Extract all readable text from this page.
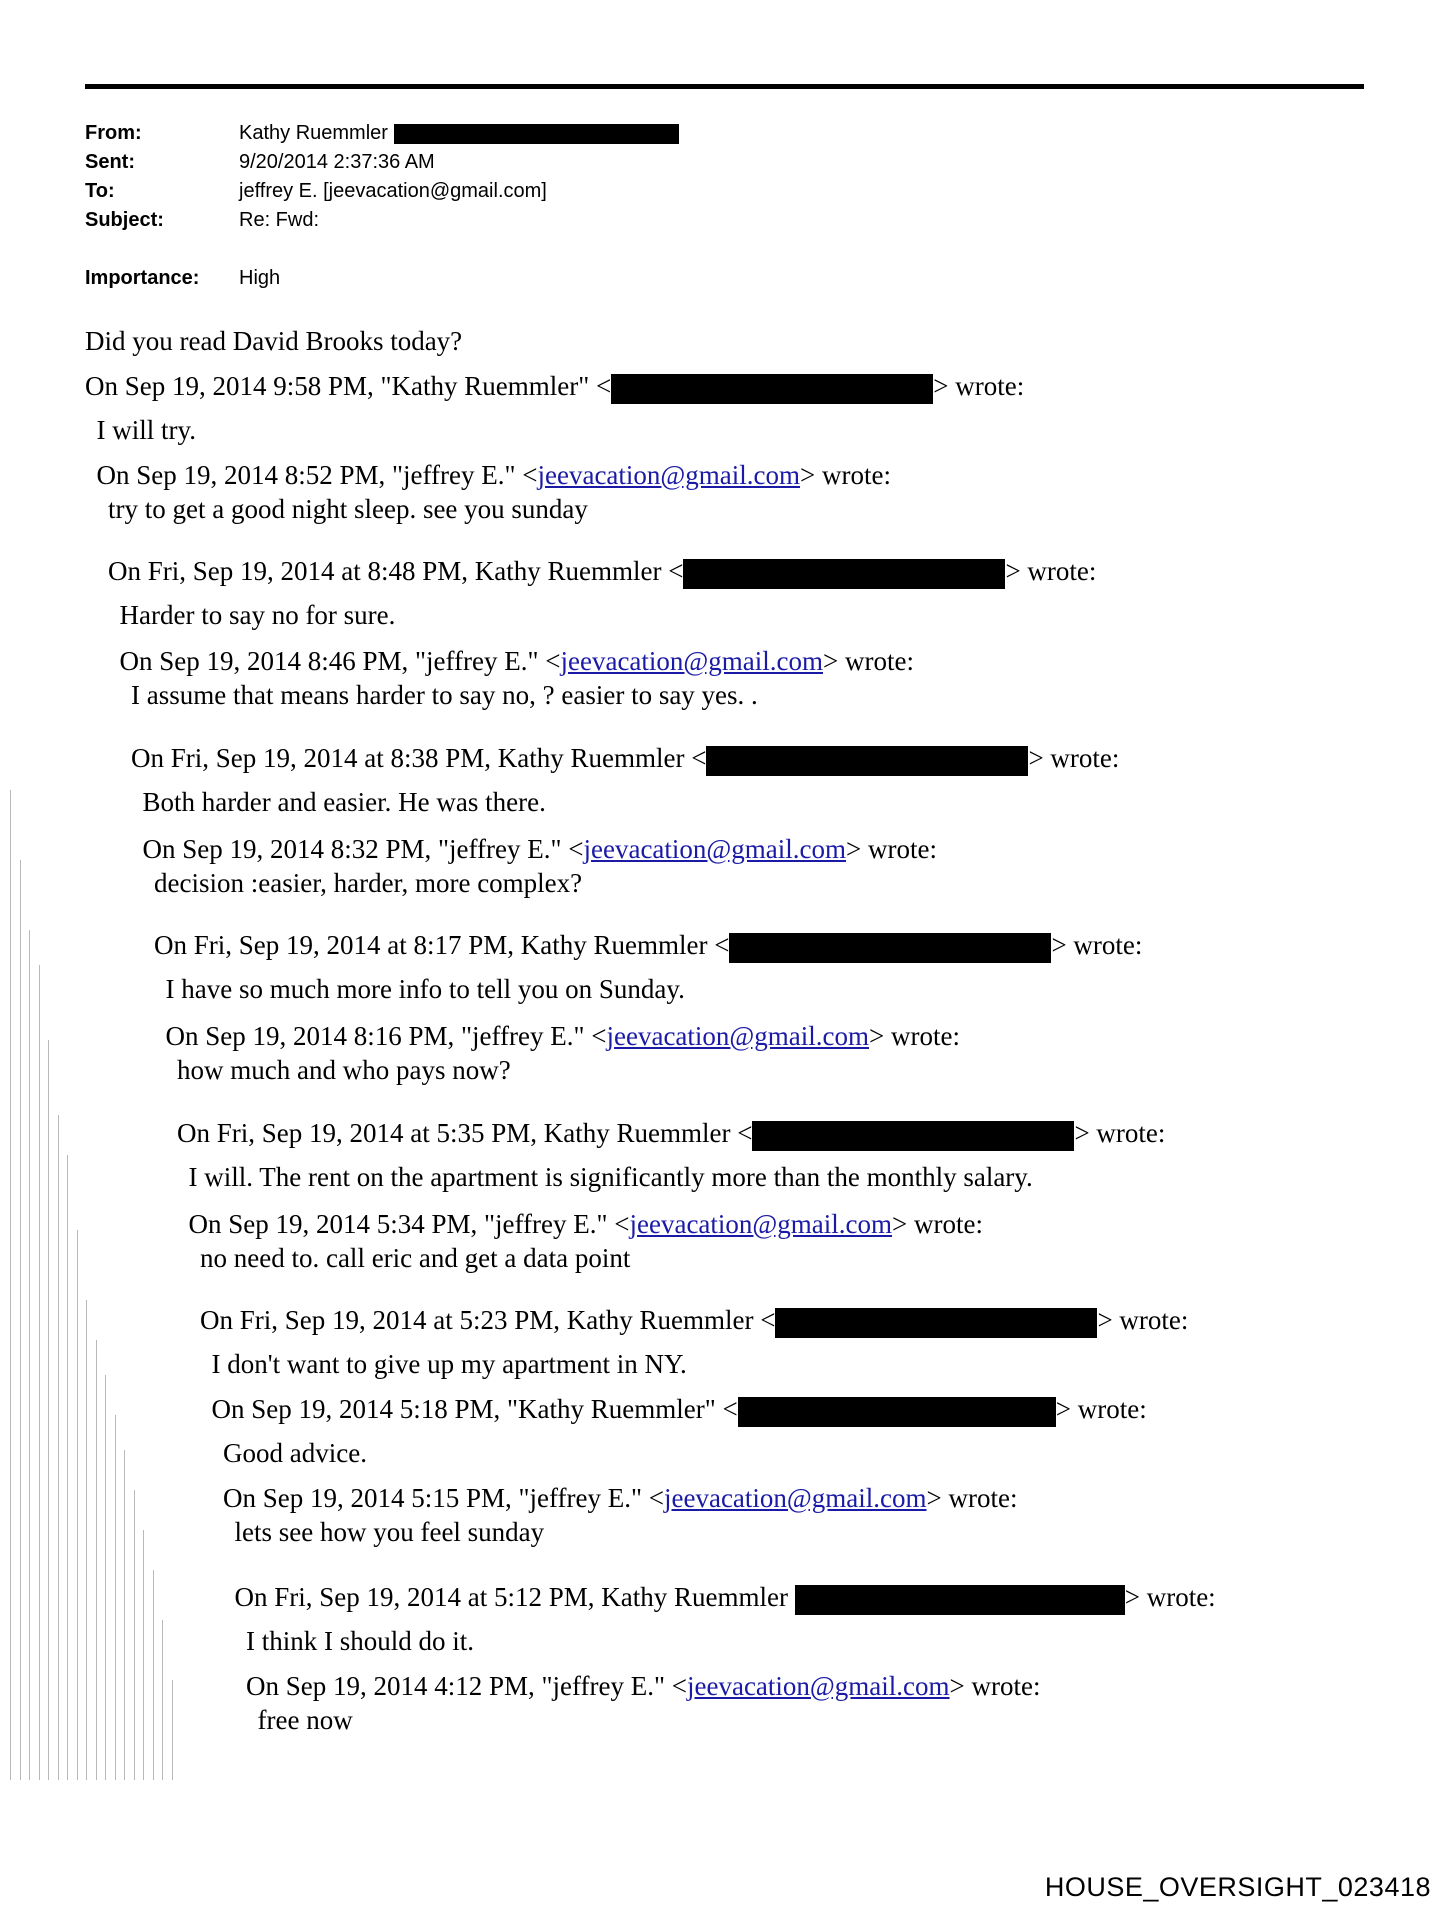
From:	Kathy Ruemmler
Sent:	9/20/2014 2:37:36 AM
To:	jeffrey E. [jeevacation@gmail.com]
Subject:	Re: Fwd:
Importance:	High
Did you read David Brooks today?
On Sep 19, 2014 9:58 PM, "Kathy Ruemmler" <	> wrote:
I will try.
On Sep 19, 2014 8:52 PM, "jeffrey E." <jeevacation@gmail.com> wrote:
try to get a good night sleep. see you sunday
On Fri, Sep 19, 2014 at 8:48 PM, Kathy Ruemmler <	> wrote:
Harder to say no for sure.
On Sep 19, 2014 8:46 PM, "jeffrey E." <jeevacation@gmail.com> wrote:
I assume that means harder to say no, ? easier to say yes. .
On Fri, Sep 19, 2014 at 8:38 PM, Kathy Ruemmler <	> wrote:
Both harder and easier. He was there.
On Sep 19, 2014 8:32 PM, "jeffrey E." <jeevacation@gmail.com> wrote:
decision :easier, harder, more complex?
On Fri, Sep 19, 2014 at 8:17 PM, Kathy Ruemmler <	> wrote:
I have so much more info to tell you on Sunday.
On Sep 19, 2014 8:16 PM, "jeffrey E." <jeevacation@gmail.com> wrote:
how much and who pays now?
On Fri, Sep 19, 2014 at 5:35 PM, Kathy Ruemmler <	> wrote:
I will. The rent on the apartment is significantly more than the monthly salary.
On Sep 19, 2014 5:34 PM, "jeffrey E." <jeevacation@gmail.com> wrote:
no need to. call eric and get a data point
On Fri, Sep 19, 2014 at 5:23 PM, Kathy Ruemmler <	> wrote:
I don't want to give up my apartment in NY.
On Sep 19, 2014 5:18 PM, "Kathy Ruemmler" <	> wrote:
Good advice.
On Sep 19, 2014 5:15 PM, "jeffrey E." <jeevacation@gmail.com> wrote:
lets see how you feel sunday
On Fri, Sep 19, 2014 at 5:12 PM, Kathy Ruemmler	> wrote:
I think I should do it.
On Sep 19, 2014 4:12 PM, "jeffrey E." <jeevacation@gmail.com> wrote:
free now
HOUSE_OVERSIGHT_023418
